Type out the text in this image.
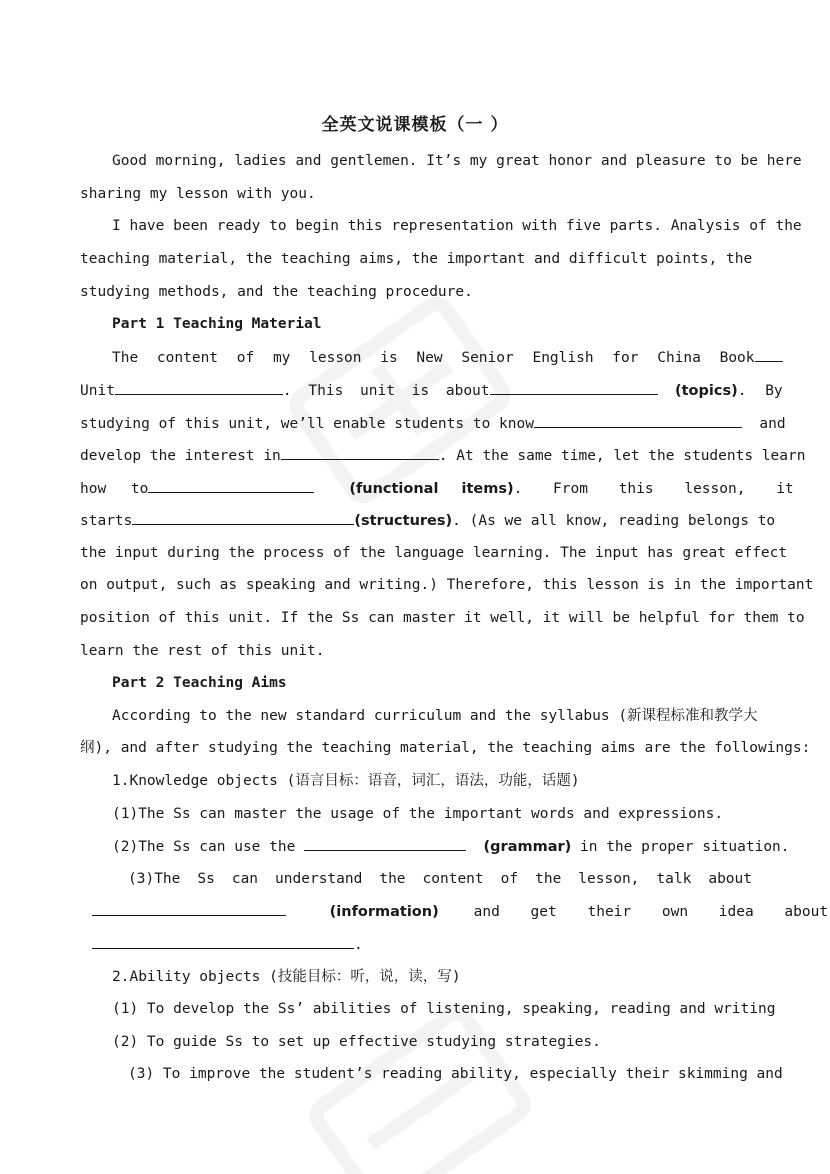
全英文说课模板（一 ）
Good morning, ladies and gentlemen. It’s my great honor and pleasure to be here
sharing my lesson with you.
I have been ready to begin this representation with five parts. Analysis of the
teaching material, the teaching aims, the important and difficult points, the
studying methods, and the teaching procedure.
Part 1 Teaching Material
The content of my lesson is New Senior English for China Book
Unit	. This unit is about	(topics). By
studying of this unit, we’ll enable students to know	and
develop the interest in	. At the same time, let the students learn
how to	(functional items). From this lesson, it
starts	(structures). (As we all know, reading belongs to
the input during the process of the language learning. The input has great effect
on output, such as speaking and writing.) Therefore, this lesson is in the important
position of this unit. If the Ss can master it well, it will be helpful for them to
learn the rest of this unit.
Part 2 Teaching Aims
According to the new standard curriculum and the syllabus (新课程标准和教学大
纲), and after studying the teaching material, the teaching aims are the followings:
1.Knowledge objects (语言目标：语音，词汇，语法，功能，话题)
(1)The Ss can master the usage of the important words and expressions.
(2)The Ss can use the	(grammar) in the proper situation.
(3)The Ss can understand the content of the lesson, talk about
(information) and get their own idea about
.
2.Ability objects (技能目标：听，说，读，写)
(1) To develop the Ss’ abilities of listening, speaking, reading and writing
(2) To guide Ss to set up effective studying strategies.
(3) To improve the student’s reading ability, especially their skimming and
